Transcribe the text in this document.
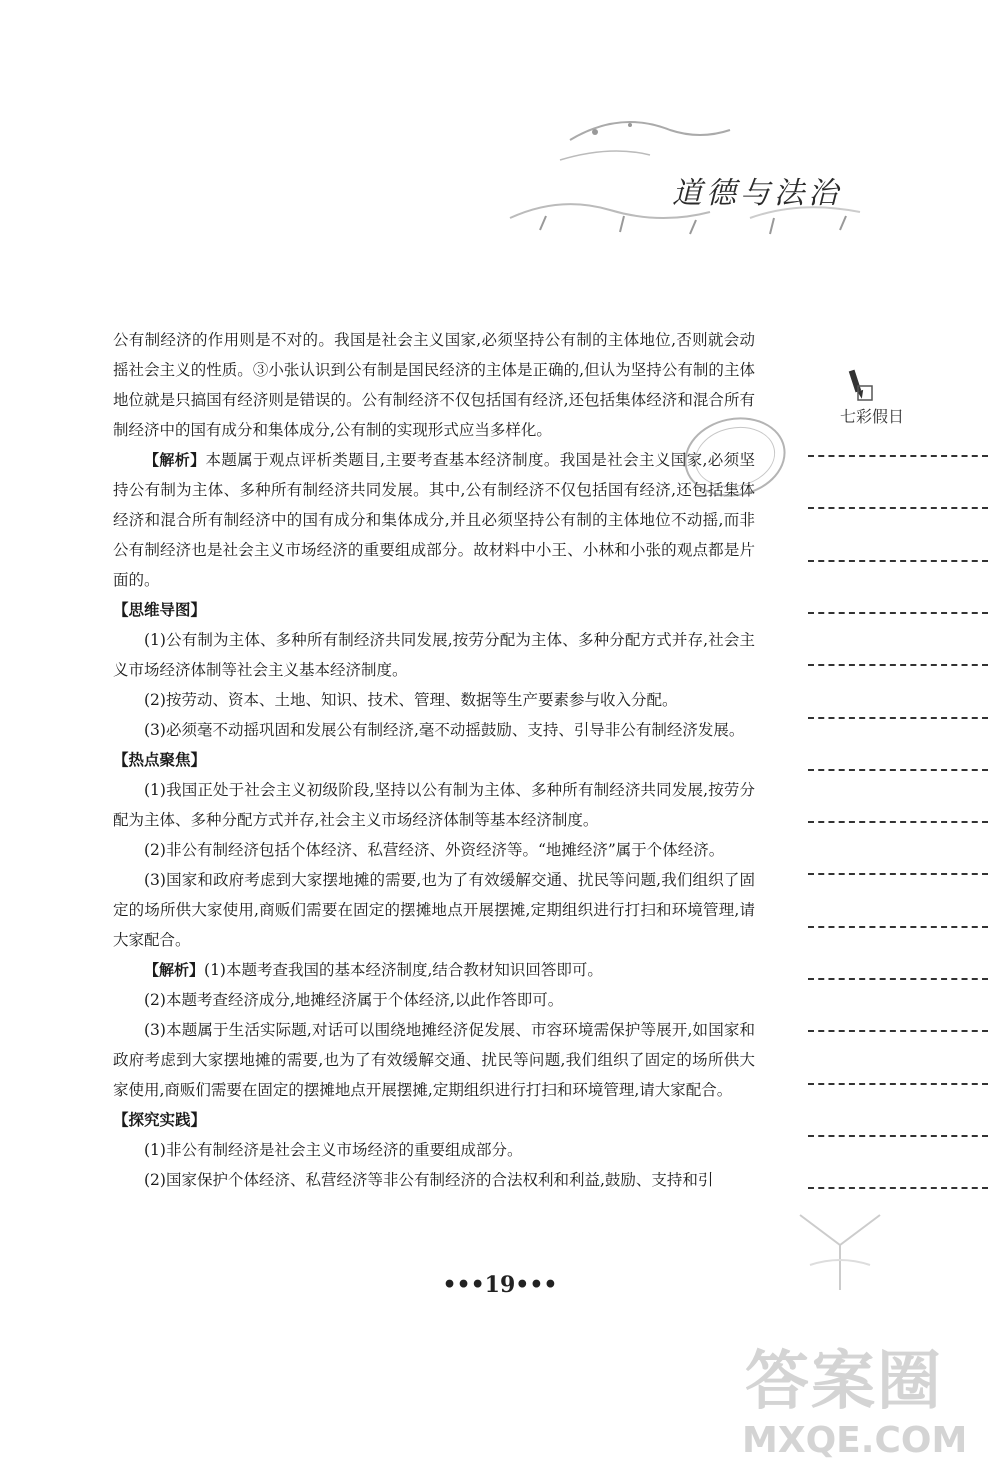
道德与法治

公有制经济的作用则是不对的。我国是社会主义国家,必须坚持公有制的主体地位,否则就会动摇社会主义的性质。③小张认识到公有制是国民经济的主体是正确的,但认为坚持公有制的主体地位就是只搞国有经济则是错误的。公有制经济不仅包括国有经济,还包括集体经济和混合所有制经济中的国有成分和集体成分,公有制的实现形式应当多样化。

【解析】本题属于观点评析类题目,主要考查基本经济制度。我国是社会主义国家,必须坚持公有制为主体、多种所有制经济共同发展。其中,公有制经济不仅包括国有经济,还包括集体经济和混合所有制经济中的国有成分和集体成分,并且必须坚持公有制的主体地位不动摇,而非公有制经济也是社会主义市场经济的重要组成部分。故材料中小王、小林和小张的观点都是片面的。

【思维导图】

(1)公有制为主体、多种所有制经济共同发展,按劳分配为主体、多种分配方式并存,社会主义市场经济体制等社会主义基本经济制度。

(2)按劳动、资本、土地、知识、技术、管理、数据等生产要素参与收入分配。

(3)必须毫不动摇巩固和发展公有制经济,毫不动摇鼓励、支持、引导非公有制经济发展。

【热点聚焦】

(1)我国正处于社会主义初级阶段,坚持以公有制为主体、多种所有制经济共同发展,按劳分配为主体、多种分配方式并存,社会主义市场经济体制等基本经济制度。

(2)非公有制经济包括个体经济、私营经济、外资经济等。“地摊经济”属于个体经济。

(3)国家和政府考虑到大家摆地摊的需要,也为了有效缓解交通、扰民等问题,我们组织了固定的场所供大家使用,商贩们需要在固定的摆摊地点开展摆摊,定期组织进行打扫和环境管理,请大家配合。

【解析】(1)本题考查我国的基本经济制度,结合教材知识回答即可。

(2)本题考查经济成分,地摊经济属于个体经济,以此作答即可。

(3)本题属于生活实际题,对话可以围绕地摊经济促发展、市容环境需保护等展开,如国家和政府考虑到大家摆地摊的需要,也为了有效缓解交通、扰民等问题,我们组织了固定的场所供大家使用,商贩们需要在固定的摆摊地点开展摆摊,定期组织进行打扫和环境管理,请大家配合。

【探究实践】

(1)非公有制经济是社会主义市场经济的重要组成部分。

(2)国家保护个体经济、私营经济等非公有制经济的合法权利和利益,鼓励、支持和引

七彩假日
•••19•••
答案圈
MXQE.COM
